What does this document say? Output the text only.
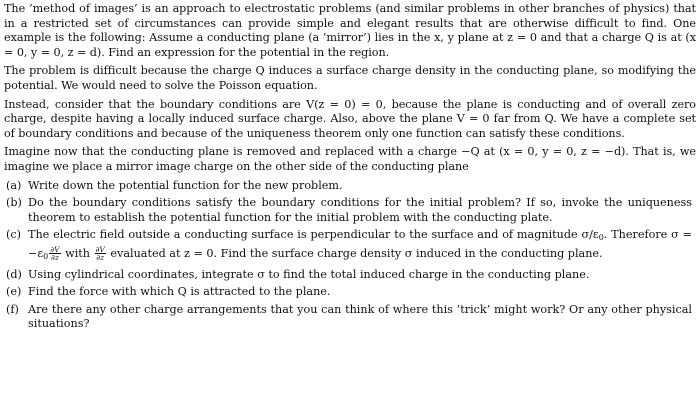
The ’method of images’ is an approach to electrostatic problems (and similar problems in other branches of physics) that in a restricted set of circumstances can provide simple and elegant results that are otherwise difficult to find. One example is the following: Assume a conducting plane (a ’mirror’) lies in the x, y plane at z = 0 and that a charge Q is at (x = 0, y = 0, z = d). Find an expression for the potential in the region.

The problem is difficult because the charge Q induces a surface charge density in the conducting plane, so modifying the potential. We would need to solve the Poisson equation.

Instead, consider that the boundary conditions are V(z = 0) = 0, because the plane is conducting and of overall zero charge, despite having a locally induced surface charge. Also, above the plane V = 0 far from Q. We have a complete set of boundary conditions and because of the uniqueness theorem only one function can satisfy these conditions.

Imagine now that the conducting plane is removed and replaced with a charge −Q at (x = 0, y = 0, z = −d). That is, we imagine we place a mirror image charge on the other side of the conducting plane

(a) Write down the potential function for the new problem.
(b) Do the boundary conditions satisfy the boundary conditions for the initial problem? If so, invoke the uniqueness theorem to establish the potential function for the initial problem with the conducting plate.
(c) The electric field outside a conducting surface is perpendicular to the surface and of magnitude $\sigma/\varepsilon_0$. Therefore $\sigma = -\varepsilon_0 \frac{\partial V}{\partial z}$ with $\frac{\partial V}{\partial z}$ evaluated at z = 0. Find the surface charge density σ induced in the conducting plane.
(d) Using cylindrical coordinates, integrate σ to find the total induced charge in the conducting plane.
(e) Find the force with which Q is attracted to the plane.
(f) Are there any other charge arrangements that you can think of where this ’trick’ might work? Or any other physical situations?
